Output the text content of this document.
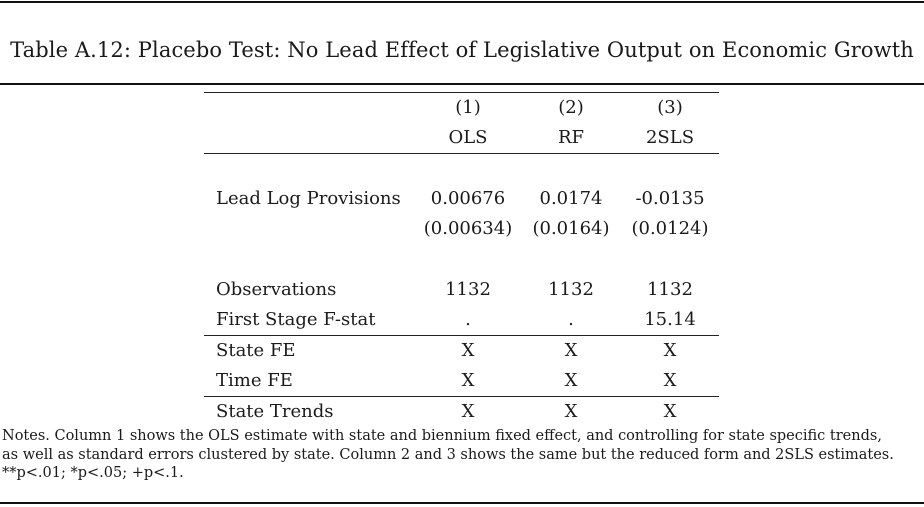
Table A.12: Placebo Test: No Lead Effect of Legislative Output on Economic Growth
(1)	(2)	(3)
OLS	RF	2SLS
Lead Log Provisions	0.00676	0.0174	-0.0135
(0.00634)	(0.0164)	(0.0124)
Observations	1132	1132	1132
First Stage F-stat	.	.	15.14
State FE	X	X	X
Time FE	X	X	X
State Trends	X	X	X
Notes. Column 1 shows the OLS estimate with state and biennium fixed effect, and controlling for state specific trends,
as well as standard errors clustered by state. Column 2 and 3 shows the same but the reduced form and 2SLS estimates.
**p<.01; *p<.05; +p<.1.
